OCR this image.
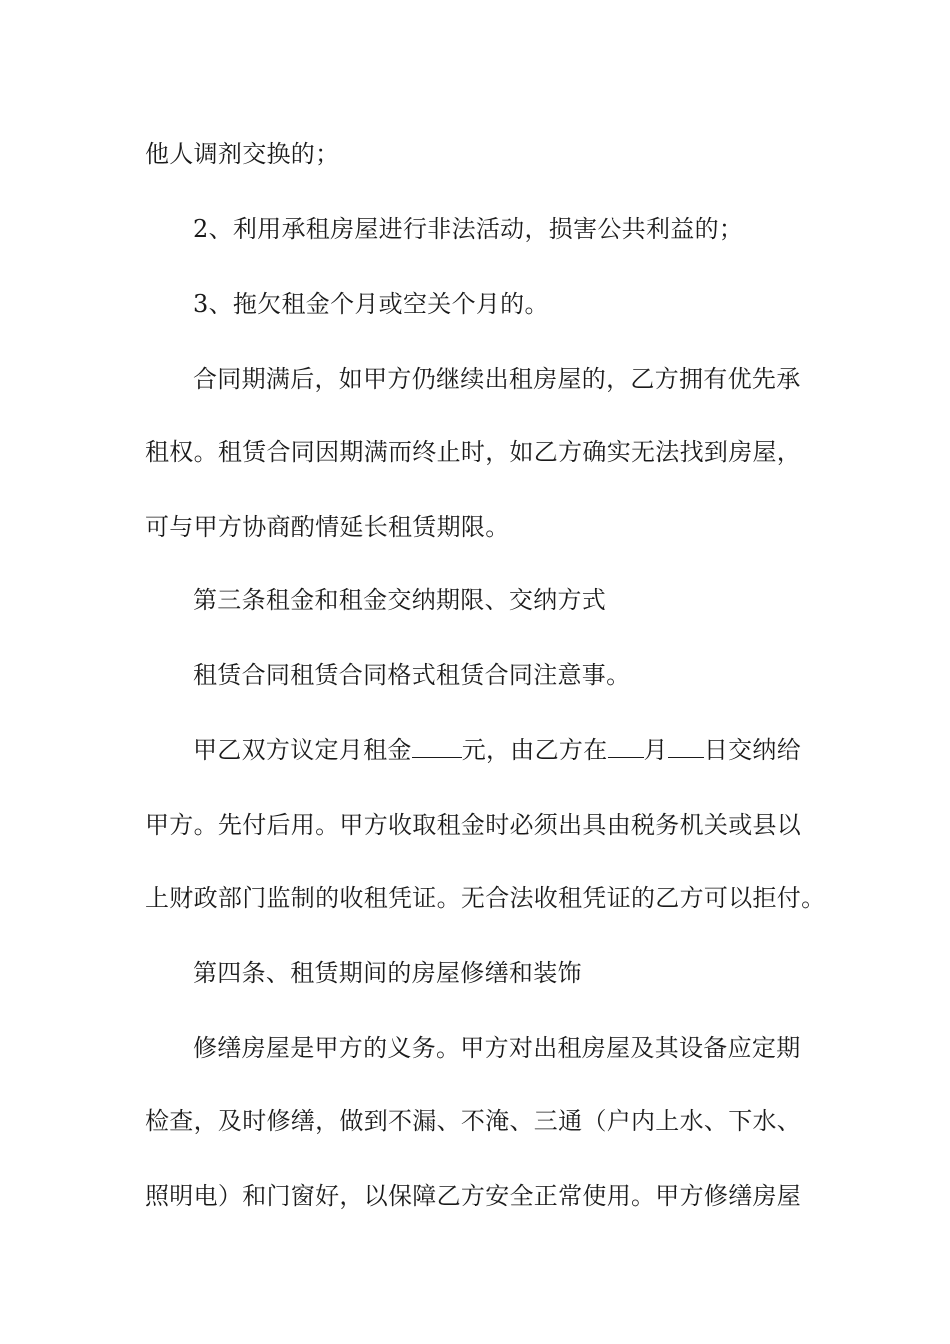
他人调剂交换的；
2、利用承租房屋进行非法活动，损害公共利益的；
3、拖欠租金个月或空关个月的。
合同期满后，如甲方仍继续出租房屋的，乙方拥有优先承
租权。租赁合同因期满而终止时，如乙方确实无法找到房屋，
可与甲方协商酌情延长租赁期限。
第三条租金和租金交纳期限、交纳方式
租赁合同租赁合同格式租赁合同注意事。
甲乙双方议定月租金 元，由乙方在 月 日交纳给
甲方。先付后用。甲方收取租金时必须出具由税务机关或县以
上财政部门监制的收租凭证。无合法收租凭证的乙方可以拒付。
第四条、租赁期间的房屋修缮和装饰
修缮房屋是甲方的义务。甲方对出租房屋及其设备应定期
检查，及时修缮，做到不漏、不淹、三通（户内上水、下水、
照明电）和门窗好，以保障乙方安全正常使用。甲方修缮房屋
